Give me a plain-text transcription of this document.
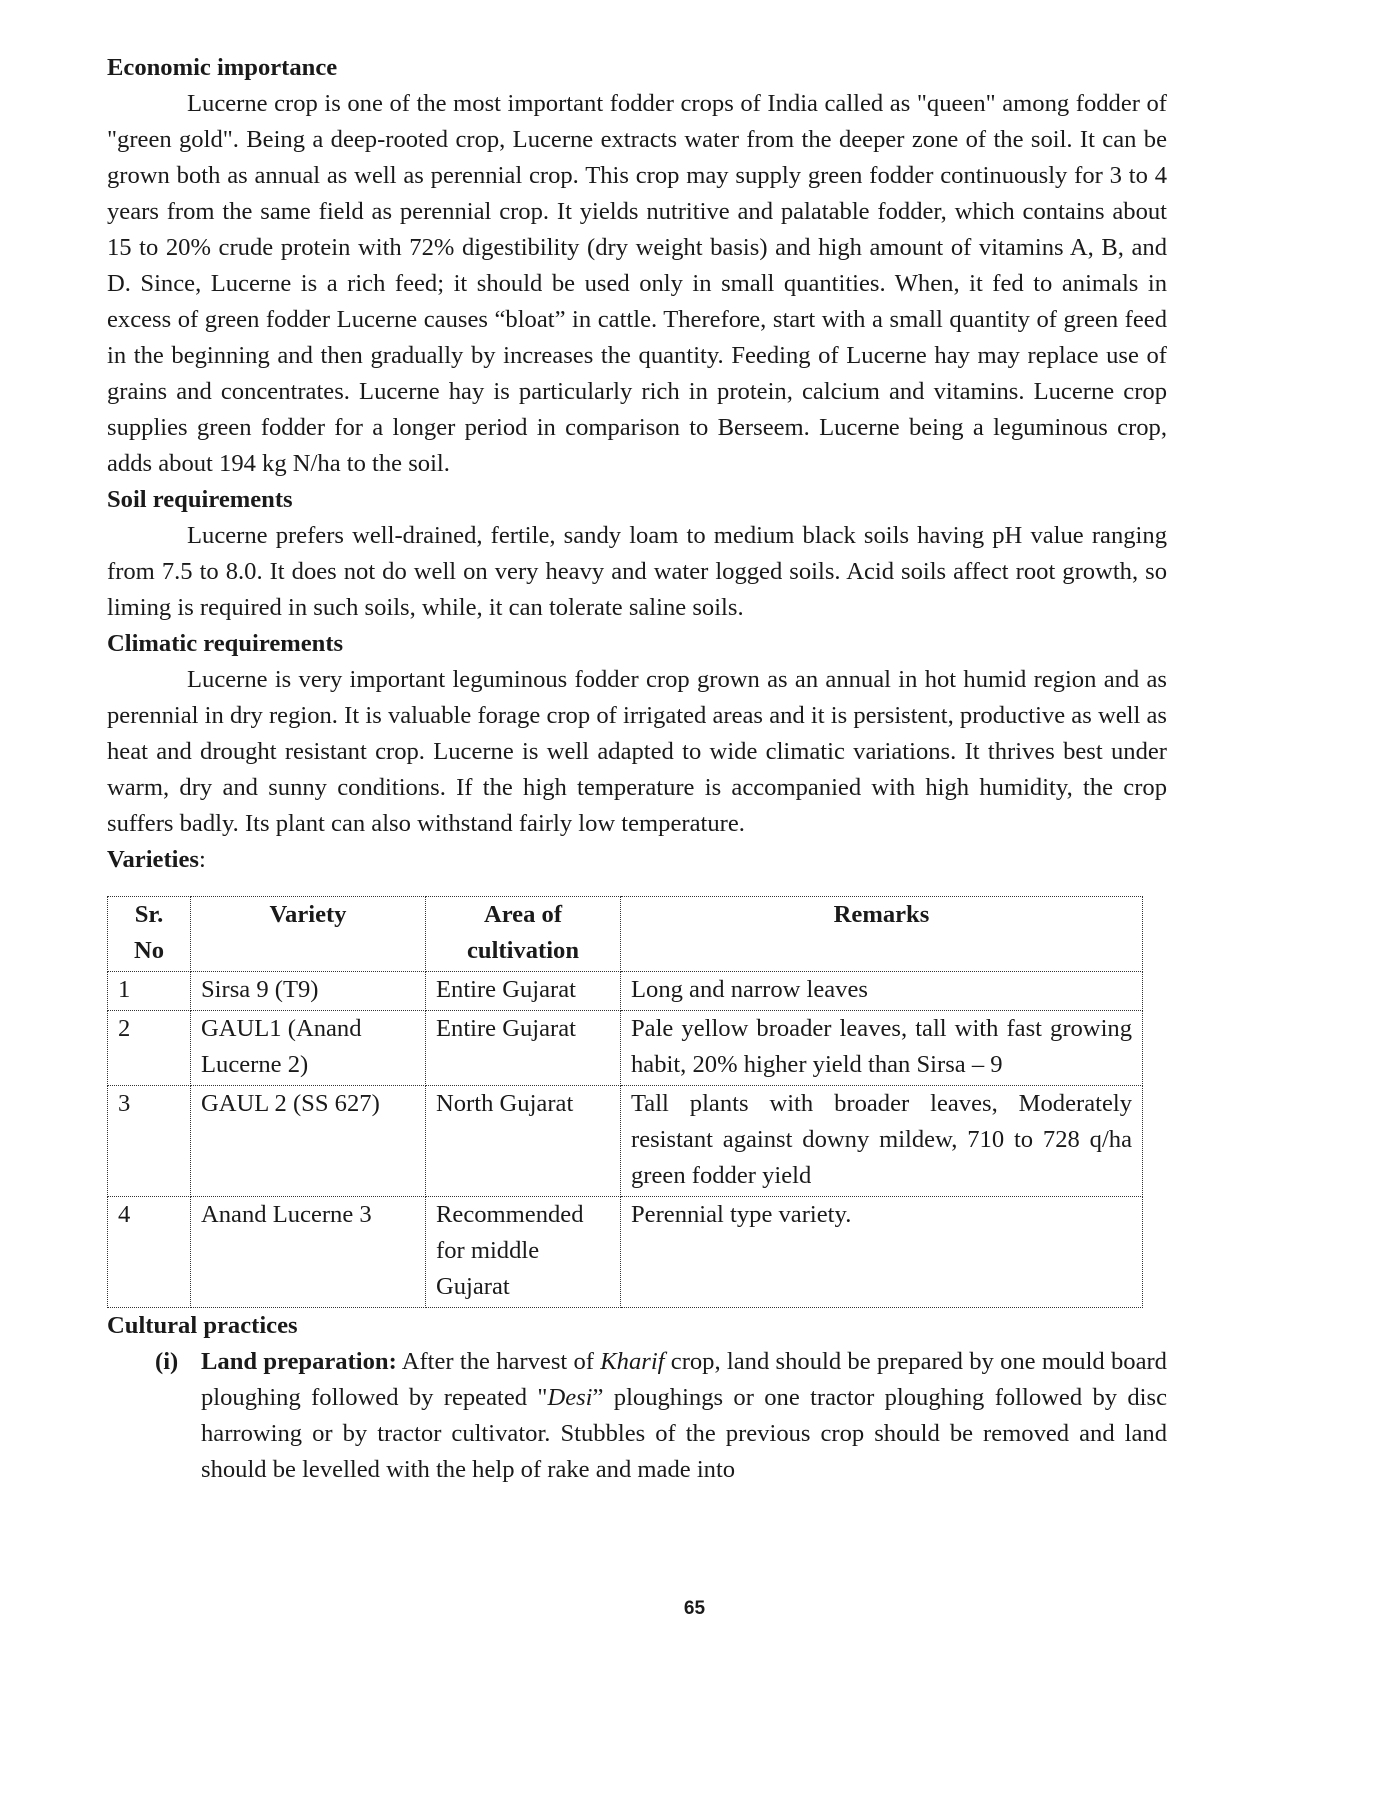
Economic importance

Lucerne crop is one of the most important fodder crops of India called as "queen" among fodder of "green gold". Being a deep-rooted crop, Lucerne extracts water from the deeper zone of the soil. It can be grown both as annual as well as perennial crop. This crop may supply green fodder continuously for 3 to 4 years from the same field as perennial crop. It yields nutritive and palatable fodder, which contains about 15 to 20% crude protein with 72% digestibility (dry weight basis) and high amount of vitamins A, B, and D. Since, Lucerne is a rich feed; it should be used only in small quantities. When, it fed to animals in excess of green fodder Lucerne causes “bloat” in cattle. Therefore, start with a small quantity of green feed in the beginning and then gradually by increases the quantity. Feeding of Lucerne hay may replace use of grains and concentrates. Lucerne hay is particularly rich in protein, calcium and vitamins. Lucerne crop supplies green fodder for a longer period in comparison to Berseem. Lucerne being a leguminous crop, adds about 194 kg N/ha to the soil.

Soil requirements

Lucerne prefers well-drained, fertile, sandy loam to medium black soils having pH value ranging from 7.5 to 8.0. It does not do well on very heavy and water logged soils. Acid soils affect root growth, so liming is required in such soils, while, it can tolerate saline soils.

Climatic requirements

Lucerne is very important leguminous fodder crop grown as an annual in hot humid region and as perennial in dry region. It is valuable forage crop of irrigated areas and it is persistent, productive as well as heat and drought resistant crop. Lucerne is well adapted to wide climatic variations. It thrives best under warm, dry and sunny conditions. If the high temperature is accompanied with high humidity, the crop suffers badly. Its plant can also withstand fairly low temperature.

Varieties:
Sr. No	Variety	Area of cultivation	Remarks
1	Sirsa 9 (T9)	Entire Gujarat	Long and narrow leaves
2	GAUL1 (Anand Lucerne 2)	Entire Gujarat	Pale yellow broader leaves, tall with fast growing habit, 20% higher yield than Sirsa – 9
3	GAUL 2 (SS 627)	North Gujarat	Tall plants with broader leaves, Moderately resistant against downy mildew, 710 to 728 q/ha green fodder yield
4	Anand Lucerne 3	Recommended for middle Gujarat	Perennial type variety.
Cultural practices
(i) Land preparation: After the harvest of Kharif crop, land should be prepared by one mould board ploughing followed by repeated "Desi” ploughings or one tractor ploughing followed by disc harrowing or by tractor cultivator. Stubbles of the previous crop should be removed and land should be levelled with the help of rake and made into
65
